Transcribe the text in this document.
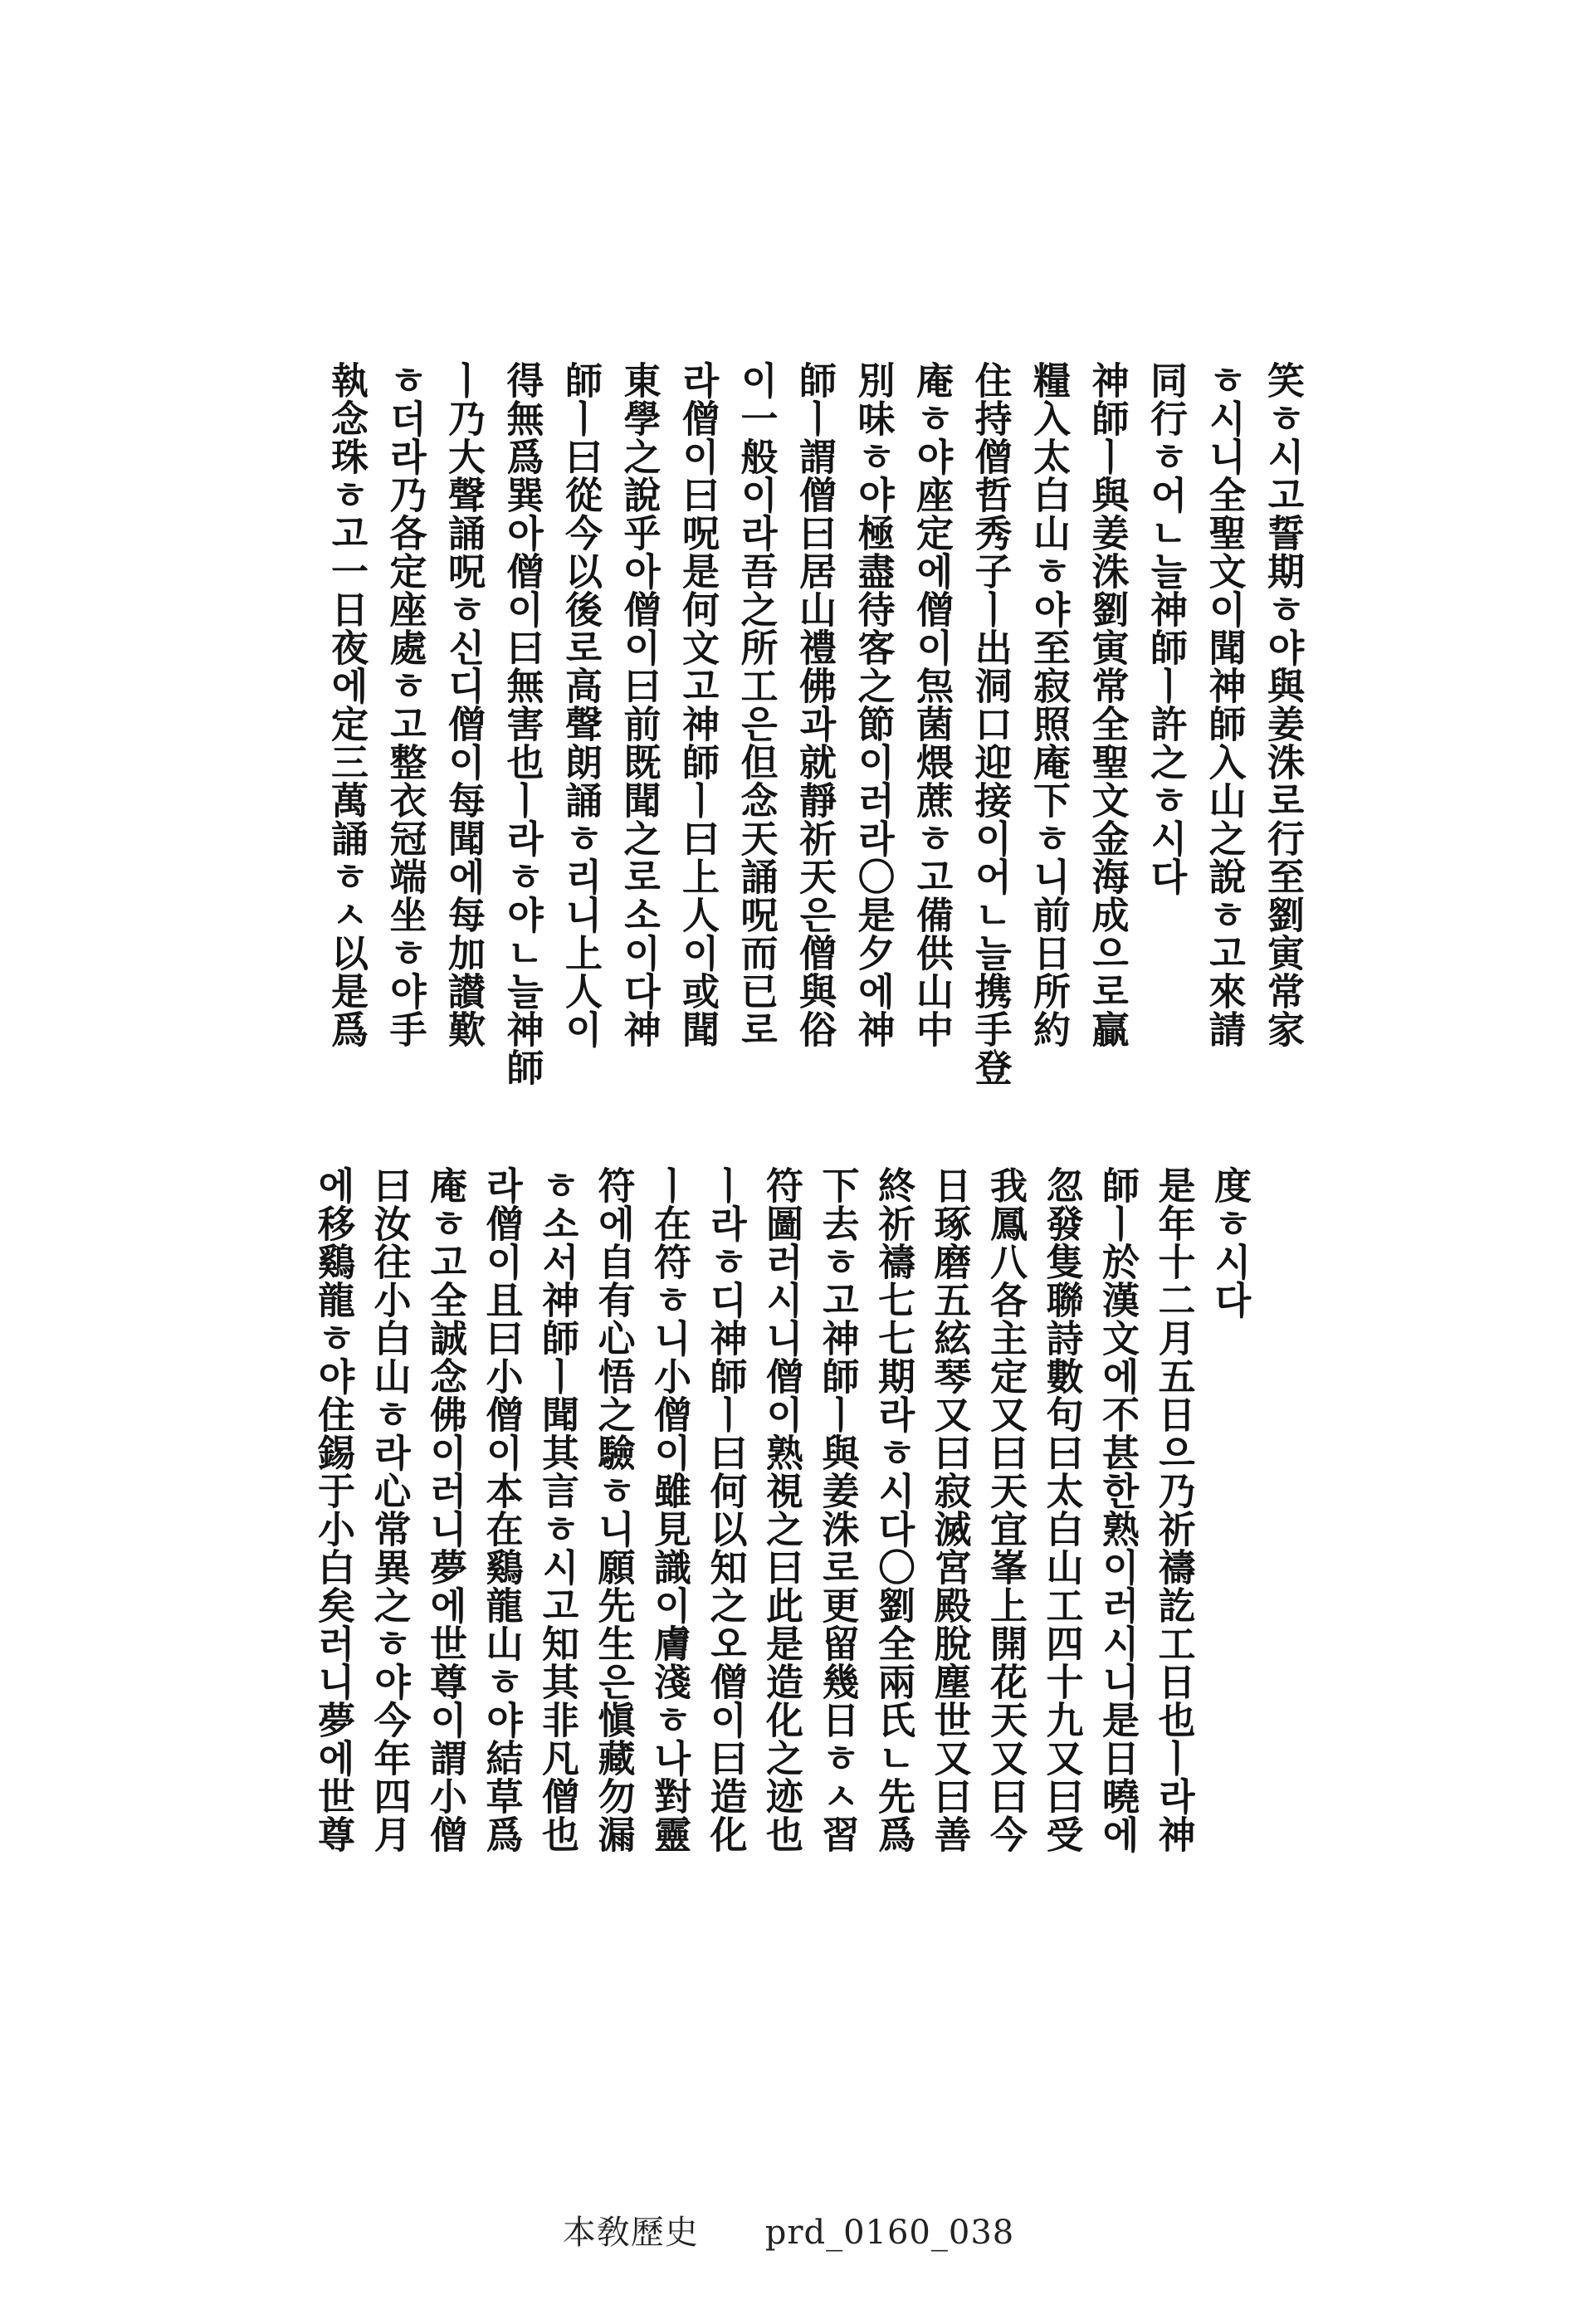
笑ㅎ시고誓期ㅎ야與姜洙로行至劉寅常家
ㅎ시니全聖文이聞神師入山之說ㅎ고來請
同行ㅎ어ㄴ늘神師ㅣ許之ㅎ시다
神師ㅣ與姜洙劉寅常全聖文金海成으로贏
糧入太白山ㅎ야至寂照庵下ㅎ니前日所約
住持僧哲秀子ㅣ出洞口迎接이어ㄴ늘携手登
庵ㅎ야座定에僧이炰菌煨蔗ㅎ고備供山中
別味ㅎ야極盡待客之節이러라〇是夕에神
師ㅣ謂僧曰居山禮佛과就靜祈天은僧與俗
이一般이라吾之所工은但念天誦呪而已로
라僧이曰呪是何文고神師ㅣ曰上人이或聞
東學之說乎아僧이曰前既聞之로소이다神
師ㅣ曰從今以後로高聲朗誦ㅎ리니上人이
得無爲巽아僧이曰無害也ㅣ라ㅎ야ㄴ늘神師
ㅣ乃大聲誦呪ㅎ신디僧이每聞에每加讃歎
ㅎ더라乃各定座處ㅎ고整衣冠端坐ㅎ야手
執念珠ㅎ고一日夜에定三萬誦ㅎㅅ以是爲
度ㅎ시다
是年十二月五日으乃祈禱訖工日也ㅣ라神
師ㅣ於漢文에不甚한熟이러시니是日曉에
忽發隻聯詩數句曰太白山工四十九又曰受
我鳳八各主定又曰天宜峯上開花天又曰今
日琢磨五絃琴又曰寂滅宮殿脫塵世又曰善
終祈禱七七期라ㅎ시다〇劉全兩氏ㄴ先爲
下去ㅎ고神師ㅣ與姜洙로更留幾日ㅎㅅ習
符圖러시니僧이熟視之曰此是造化之迹也
ㅣ라ㅎ디神師ㅣ曰何以知之오僧이曰造化
ㅣ在符ㅎ니小僧이雖見識이膚淺ㅎ나對靈
符에自有心悟之驗ㅎ니願先生은愼藏勿漏
ㅎ소서神師ㅣ聞其言ㅎ시고知其非凡僧也
라僧이且曰小僧이本在鷄龍山ㅎ야結草爲
庵ㅎ고全誠念佛이러니夢에世尊이謂小僧
曰汝往小白山ㅎ라心常異之ㅎ야今年四月
에移鷄龍ㅎ야住錫于小白矣러니夢에世尊
本敎歷史 prd_0160_038
